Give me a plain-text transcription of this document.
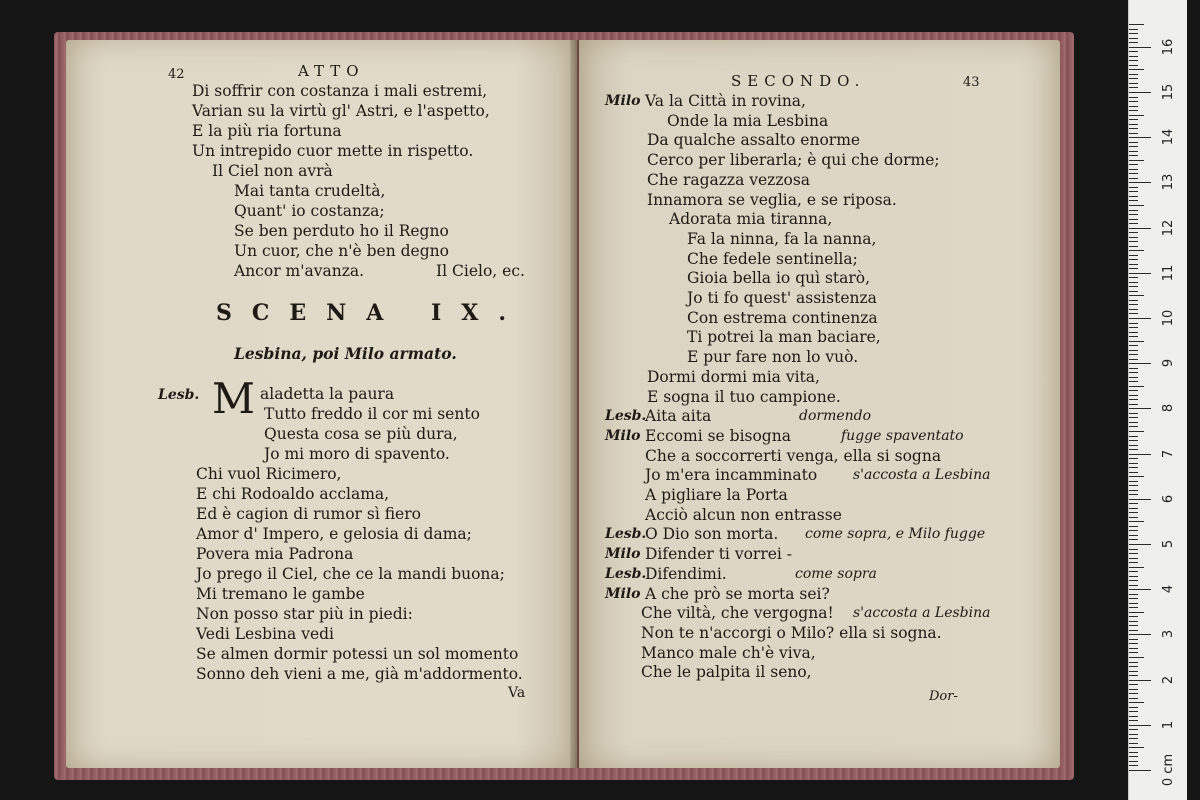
42	ATTO
Di soffrir con costanza i mali estremi,
Varian su la virtù gl' Astri, e l'aspetto,
E la più ria fortuna
Un intrepido cuor mette in rispetto.
Il Ciel non avrà
Mai tanta crudeltà,
Quant' io costanza;
Se ben perduto ho il Regno
Un cuor, che n'è ben degno
Ancor m'avanza.	Il Cielo, ec.
SCENA IX.
Lesbina, poi Milo armato.
Lesb. M aladetta la paura
Tutto freddo il cor mi sento
Questa cosa se più dura,
Jo mi moro di spavento.
Chi vuol Ricimero,
E chi Rodoaldo acclama,
Ed è cagion di rumor sì fiero
Amor d' Impero, e gelosia di dama;
Povera mia Padrona
Jo prego il Ciel, che ce la mandi buona;
Mi tremano le gambe
Non posso star più in piedi:
Vedi Lesbina vedi
Se almen dormir potessi un sol momento
Sonno deh vieni a me, già m'addormento.
Va
SECONDO.	43
Milo Va la Città in rovina,
Onde la mia Lesbina
Da qualche assalto enorme
Cerco per liberarla; è qui che dorme;
Che ragazza vezzosa
Innamora se veglia, e se riposa.
Adorata mia tiranna,
Fa la ninna, fa la nanna,
Che fedele sentinella;
Gioia bella io quì starò,
Jo ti fo quest' assistenza
Con estrema continenza
Ti potrei la man baciare,
E pur fare non lo vuò.
Dormi dormi mia vita,
E sogna il tuo campione.
Lesb.
Aita aita	dormendo
Milo Eccomi se bisogna	fugge spaventato
Che a soccorrerti venga, ella si sogna
Jo m'era incamminato	s'accosta a Lesbina
A pigliare la Porta
Acciò alcun non entrasse
Lesb.
O Dio son morta. come sopra, e Milo fugge
Milo Difender ti vorrei -
Lesb.
Difendimi.	come sopra
Milo A che prò se morta sei?
Che viltà, che vergogna! s'accosta a Lesbina
Non te n'accorgi o Milo? ella si sogna.
Manco male ch'è viva,
Che le palpita il seno,
Dor-
0 cm
1
2
3
4
5
6
7
8
9
10
11
12
13
14
15
16
